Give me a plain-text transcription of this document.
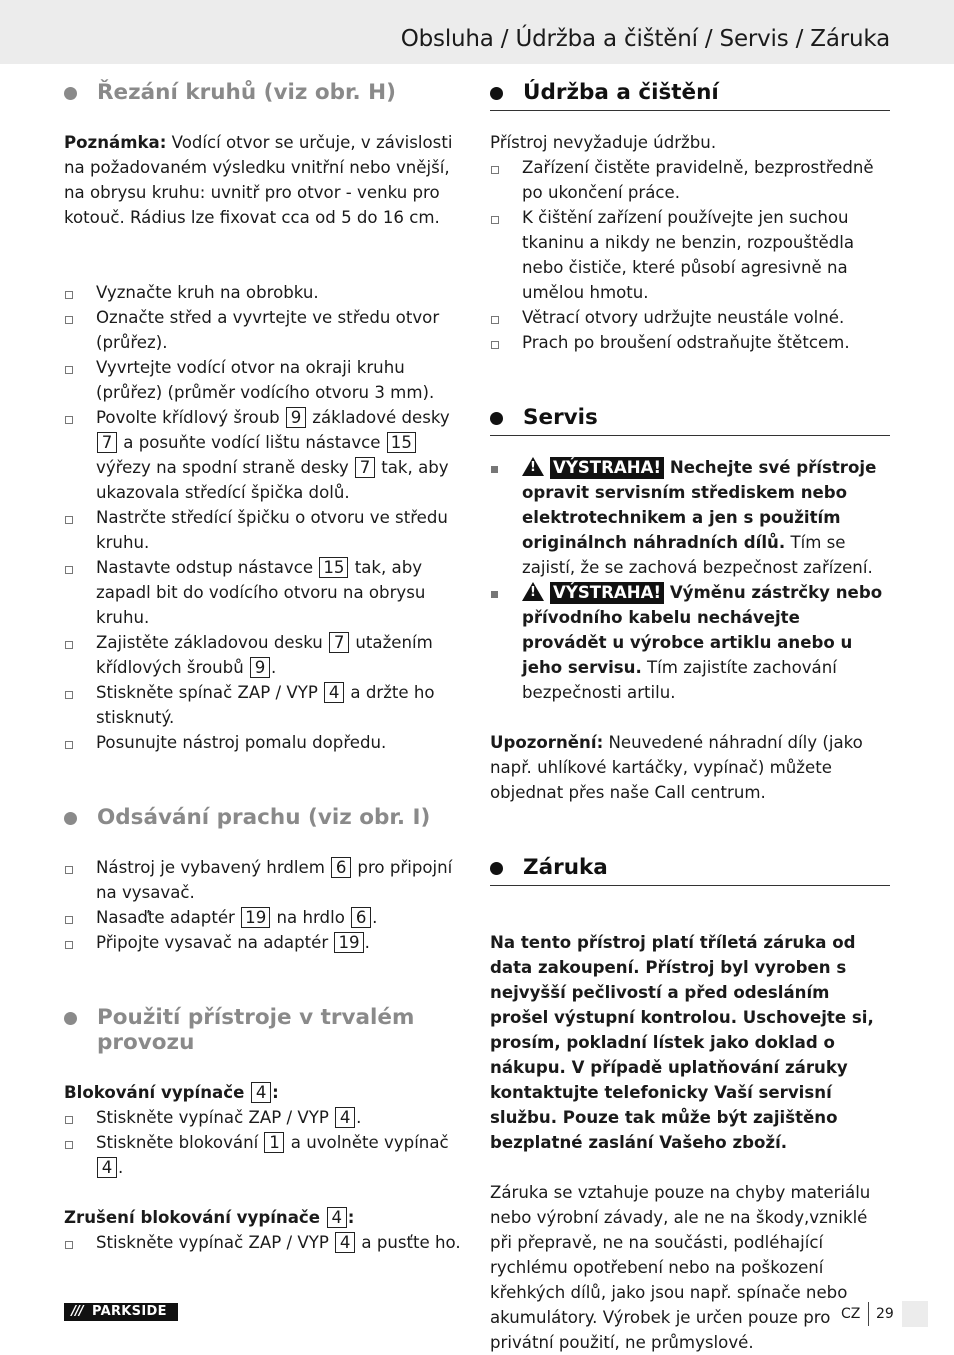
Obsluha / Údržba a čištění / Servis / Záruka
Řezání kruhů (viz obr. H)

Poznámka: Vodící otvor se určuje, v závislosti na požadovaném výsledku vnitřní nebo vnější, na obrysu kruhu: uvnitř pro otvor - venku pro kotouč. Rádius lze fixovat cca od 5 do 16 cm.

Vyznačte kruh na obrobku.
Označte střed a vyvrtejte ve středu otvor (průřez).
Vyvrtejte vodící otvor na okraji kruhu (průřez) (průměr vodícího otvoru 3 mm).
Povolte křídlový šroub 9 základové desky 7 a posuňte vodící lištu nástavce 15 výřezy na spodní straně desky 7 tak, aby ukazovala středící špička dolů.
Nastrčte středící špičku o otvoru ve středu kruhu.
Nastavte odstup nástavce 15 tak, aby zapadl bit do vodícího otvoru na obrysu kruhu.
Zajistěte základovou desku 7 utažením křídlových šroubů 9 .
Stiskněte spínač ZAP / VYP 4 a držte ho stisknutý.
Posunujte nástroj pomalu dopředu.
Odsávání prachu (viz obr. I)
Nástroj je vybavený hrdlem 6 pro připojní na vysavač.
Nasaďte adaptér 19 na hrdlo 6 .
Připojte vysavač na adaptér 19 .
Použití přístroje v trvalém provozu

Blokování vypínače 4 :

Stiskněte vypínač ZAP / VYP 4 .
Stiskněte blokování 1 a uvolněte vypínač 4 .

Zrušení blokování vypínače 4 :

Stiskněte vypínač ZAP / VYP 4 a pusťte ho.
Údržba a čištění

Přístroj nevyžaduje údržbu.

Zařízení čistěte pravidelně, bezprostředně po ukončení práce.
K čištění zařízení používejte jen suchou tkaninu a nikdy ne benzin, rozpouštědla nebo čističe, které působí agresivně na umělou hmotu.
Větrací otvory udržujte neustále volné.
Prach po broušení odstraňujte štětcem.
Servis
!VÝSTRAHA! Nechejte své přístroje opravit servisním střediskem nebo elektrotechnikem a jen s použitím originálnch náhradních dílů. Tím se zajistí, že se zachová bezpečnost zařízení.
!VÝSTRAHA! Výměnu zástrčky nebo přívodního kabelu nechávejte provádět u výrobce artiklu anebo u jeho servisu. Tím zajistíte zachování bezpečnosti artilu.

Upozornění: Neuvedené náhradní díly (jako např. uhlíkové kartáčky, vypínač) můžete objednat přes naše Call centrum.

Záruka

Na tento přístroj platí tříletá záruka od data zakoupení. Přístroj byl vyroben s nejvyšší pečlivostí a před odesláním prošel výstupní kontrolou. Uschovejte si, prosím, pokladní lístek jako doklad o nákupu. V případě uplatňování záruky kontaktujte telefonicky Vaší servisní službu. Pouze tak může být zajištěno bezplatné zaslání Vašeho zboží.

Záruka se vztahuje pouze na chyby materiálu nebo výrobní závady, ale ne na škody,vzniklé při přepravě, ne na součásti, podléhající rychlému opotřebení nebo na poškození křehkých dílů, jako jsou např. spínače nebo akumulátory. Výrobek je určen pouze pro privátní použití, ne průmyslové.

/// PARKSIDE	CZ 29
